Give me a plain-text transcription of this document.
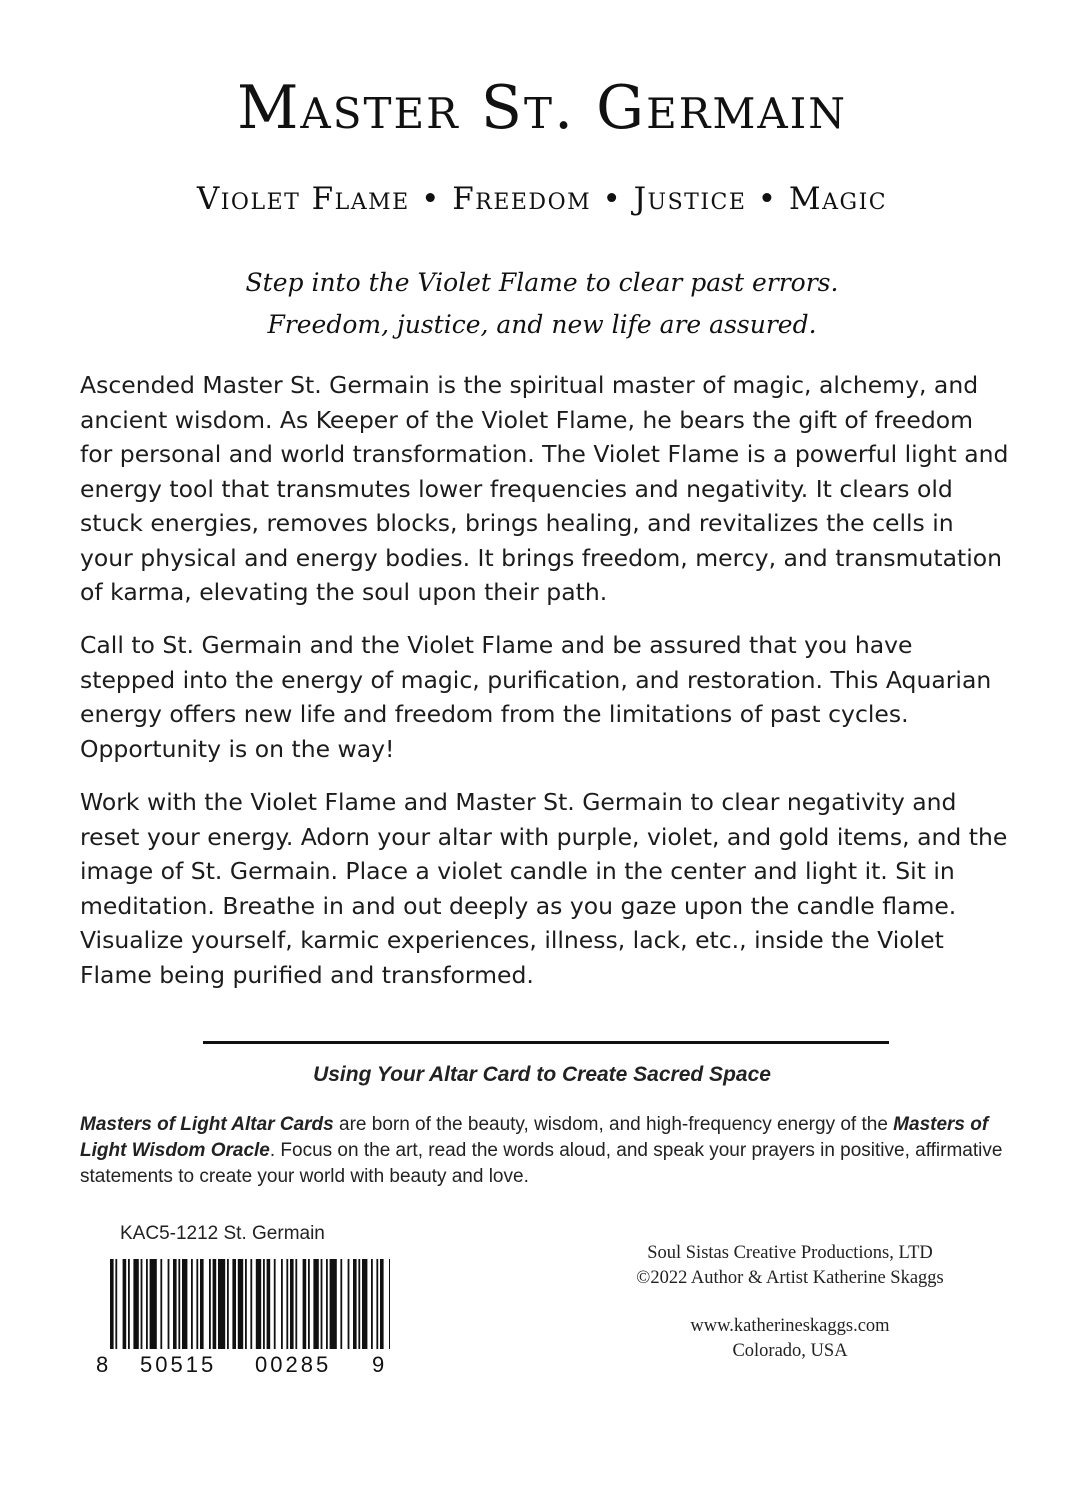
Master St. Germain
Violet Flame • Freedom • Justice • Magic
Step into the Violet Flame to clear past errors.
Freedom, justice, and new life are assured.
Ascended Master St. Germain is the spiritual master of magic, alchemy, and ancient wisdom. As Keeper of the Violet Flame, he bears the gift of freedom for personal and world transformation. The Violet Flame is a powerful light and energy tool that transmutes lower frequencies and negativity. It clears old stuck energies, removes blocks, brings healing, and revitalizes the cells in your physical and energy bodies. It brings freedom, mercy, and transmutation of karma, elevating the soul upon their path.
Call to St. Germain and the Violet Flame and be assured that you have stepped into the energy of magic, purification, and restoration. This Aquarian energy offers new life and freedom from the limitations of past cycles. Opportunity is on the way!
Work with the Violet Flame and Master St. Germain to clear negativity and reset your energy. Adorn your altar with purple, violet, and gold items, and the image of St. Germain. Place a violet candle in the center and light it. Sit in meditation. Breathe in and out deeply as you gaze upon the candle flame. Visualize yourself, karmic experiences, illness, lack, etc., inside the Violet Flame being purified and transformed.
Using Your Altar Card to Create Sacred Space
Masters of Light Altar Cards are born of the beauty, wisdom, and high-frequency energy of the Masters of Light Wisdom Oracle. Focus on the art, read the words aloud, and speak your prayers in positive, affirmative statements to create your world with beauty and love.
KAC5-1212 St. Germain
8 50515 00285 9
Soul Sistas Creative Productions, LTD
©2022 Author & Artist Katherine Skaggs
www.katherineskaggs.com
Colorado, USA
